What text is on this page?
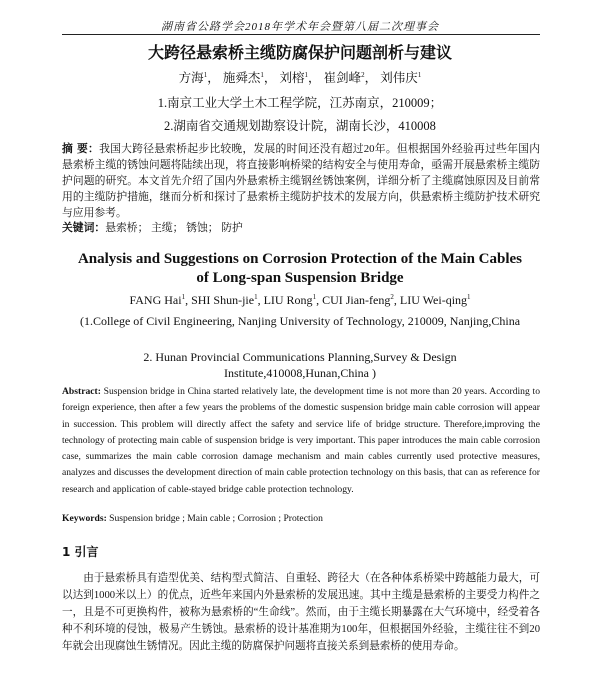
湖南省公路学会2018年学术年会暨第八届二次理事会
大跨径悬索桥主缆防腐保护问题剖析与建议
方海$^1$， 施舜杰$^1$， 刘榕$^1$， 崔剑峰$^2$， 刘伟庆$^1$
1.南京工业大学土木工程学院，江苏南京，210009；
2.湖南省交通规划勘察设计院，湖南长沙，410008
摘 要：我国大跨径悬索桥起步比较晚，发展的时间还没有超过20年。但根据国外经验再过些年国内悬索桥主缆的锈蚀问题将陆续出现，将直接影响桥梁的结构安全与使用寿命，亟需开展悬索桥主缆防护问题的研究。本文首先介绍了国内外悬索桥主缆钢丝锈蚀案例，详细分析了主缆腐蚀原因及目前常用的主缆防护措施，继而分析和探讨了悬索桥主缆防护技术的发展方向，供悬索桥主缆防护技术研究与应用参考。
关键词：悬索桥； 主缆； 锈蚀； 防护
Analysis and Suggestions on Corrosion Protection of the Main Cables
of Long-span Suspension Bridge
FANG Hai$^1$, SHI Shun-jie$^1$, LIU Rong$^1$, CUI Jian-feng$^2$, LIU Wei-qing$^1$
(1.College of Civil Engineering, Nanjing University of Technology, 210009, Nanjing,China
2. Hunan Provincial Communications Planning,Survey & Design Institute,410008,Hunan,China )
Abstract: Suspension bridge in China started relatively late, the development time is not more than 20 years. According to foreign experience, then after a few years the problems of the domestic suspension bridge main cable corrosion will appear in succession. This problem will directly affect the safety and service life of bridge structure. Therefore,improving the technology of protecting main cable of suspension bridge is very important. This paper introduces the main cable corrosion case, summarizes the main cable corrosion damage mechanism and main cables currently used protective measures, analyzes and discusses the development direction of main cable protection technology on this basis, that can as reference for research and application of cable-stayed bridge cable protection technology.
Keywords: Suspension bridge ; Main cable ; Corrosion ; Protection
1 引言
由于悬索桥具有造型优美、结构型式简洁、自重轻、跨径大（在各种体系桥梁中跨越能力最大，可以达到1000米以上）的优点，近些年来国内外悬索桥的发展迅速。其中主缆是悬索桥的主要受力构件之一，且是不可更换构件，被称为悬索桥的“生命线”。然而，由于主缆长期暴露在大气环境中，经受着各种不利环境的侵蚀，极易产生锈蚀。悬索桥的设计基准期为100年，但根据国外经验，主缆往往不到20年就会出现腐蚀生锈情况。因此主缆的防腐保护问题将直接关系到悬索桥的使用寿命。
